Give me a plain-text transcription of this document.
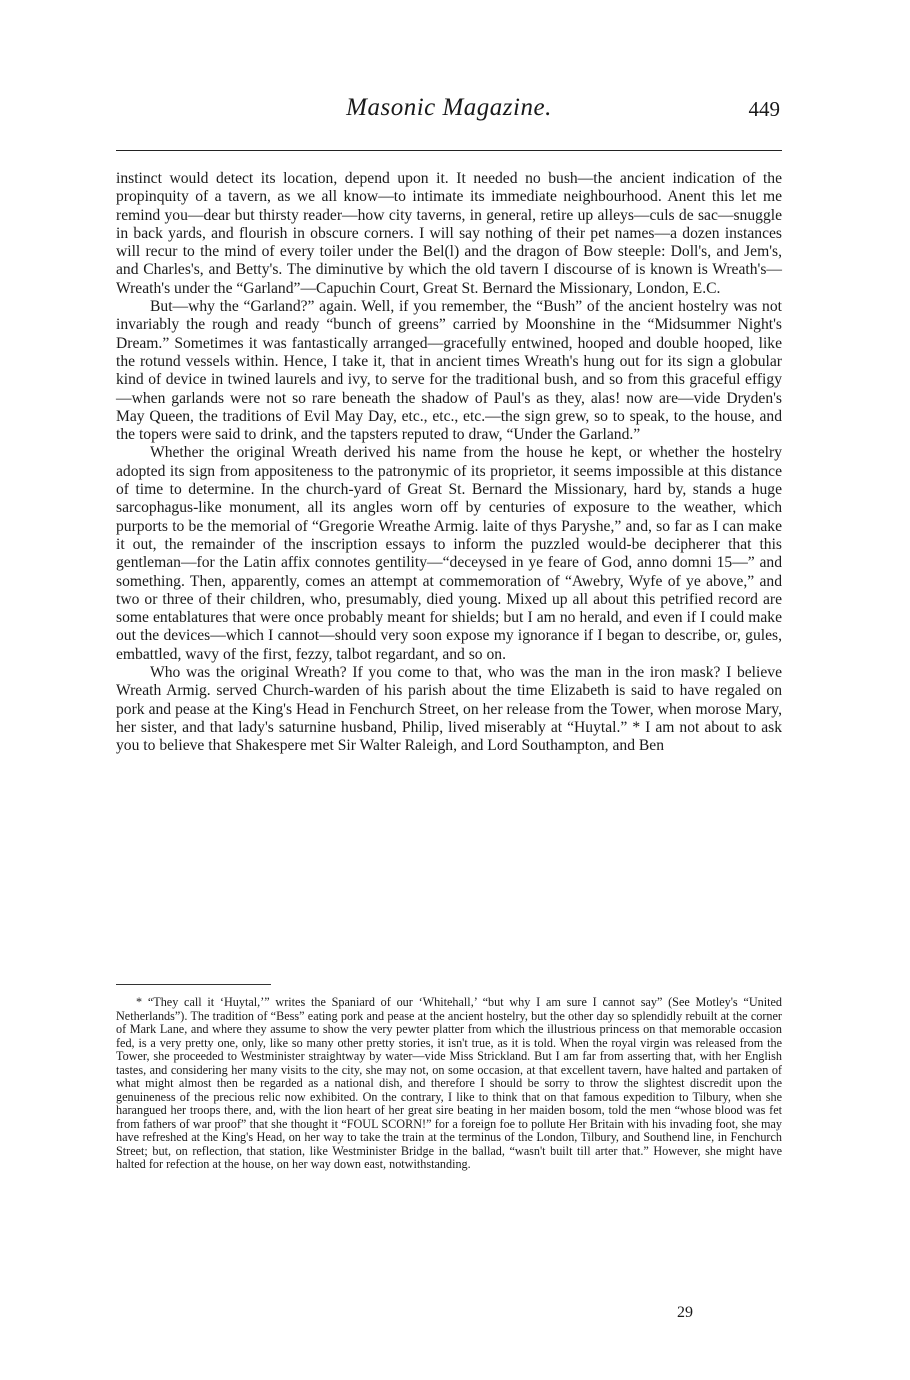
Masonic Magazine.	449

instinct would detect its location, depend upon it. It needed no bush—the ancient indication of the propinquity of a tavern, as we all know—to intimate its immediate neighbourhood. Anent this let me remind you—dear but thirsty reader—how city taverns, in general, retire up alleys—culs de sac—snuggle in back yards, and flourish in obscure corners. I will say nothing of their pet names—a dozen instances will recur to the mind of every toiler under the Bel(l) and the dragon of Bow steeple: Doll's, and Jem's, and Charles's, and Betty's. The diminutive by which the old tavern I discourse of is known is Wreath's—Wreath's under the “Garland”—Capuchin Court, Great St. Bernard the Missionary, London, E.C.

But—why the “Garland?” again. Well, if you remember, the “Bush” of the ancient hostelry was not invariably the rough and ready “bunch of greens” carried by Moonshine in the “Midsummer Night's Dream.” Sometimes it was fantastically arranged—gracefully entwined, hooped and double hooped, like the rotund vessels within. Hence, I take it, that in ancient times Wreath's hung out for its sign a globular kind of device in twined laurels and ivy, to serve for the traditional bush, and so from this graceful effigy—when garlands were not so rare beneath the shadow of Paul's as they, alas! now are—vide Dryden's May Queen, the traditions of Evil May Day, etc., etc., etc.—the sign grew, so to speak, to the house, and the topers were said to drink, and the tapsters reputed to draw, “Under the Garland.”

Whether the original Wreath derived his name from the house he kept, or whether the hostelry adopted its sign from appositeness to the patronymic of its proprietor, it seems impossible at this distance of time to determine. In the church-yard of Great St. Bernard the Missionary, hard by, stands a huge sarcophagus-like monument, all its angles worn off by centuries of exposure to the weather, which purports to be the memorial of “Gregorie Wreathe Armig. laite of thys Paryshe,” and, so far as I can make it out, the remainder of the inscription essays to inform the puzzled would-be decipherer that this gentleman—for the Latin affix connotes gentility—“deceysed in ye feare of God, anno domni 15—” and something. Then, apparently, comes an attempt at commemoration of “Awebry, Wyfe of ye above,” and two or three of their children, who, presumably, died young. Mixed up all about this petrified record are some entablatures that were once probably meant for shields; but I am no herald, and even if I could make out the devices—which I cannot—should very soon expose my ignorance if I began to describe, or, gules, embattled, wavy of the first, fezzy, talbot regardant, and so on.

Who was the original Wreath? If you come to that, who was the man in the iron mask? I believe Wreath Armig. served Church-warden of his parish about the time Elizabeth is said to have regaled on pork and pease at the King's Head in Fenchurch Street, on her release from the Tower, when morose Mary, her sister, and that lady's saturnine husband, Philip, lived miserably at “Huytal.” * I am not about to ask you to believe that Shakespere met Sir Walter Raleigh, and Lord Southampton, and Ben

* “They call it ‘Huytal,’” writes the Spaniard of our ‘Whitehall,’ “but why I am sure I cannot say” (See Motley's “United Netherlands”). The tradition of “Bess” eating pork and pease at the ancient hostelry, but the other day so splendidly rebuilt at the corner of Mark Lane, and where they assume to show the very pewter platter from which the illustrious princess on that memorable occasion fed, is a very pretty one, only, like so many other pretty stories, it isn't true, as it is told. When the royal virgin was released from the Tower, she proceeded to Westminister straightway by water—vide Miss Strickland. But I am far from asserting that, with her English tastes, and considering her many visits to the city, she may not, on some occasion, at that excellent tavern, have halted and partaken of what might almost then be regarded as a national dish, and therefore I should be sorry to throw the slightest discredit upon the genuineness of the precious relic now exhibited. On the contrary, I like to think that on that famous expedition to Tilbury, when she harangued her troops there, and, with the lion heart of her great sire beating in her maiden bosom, told the men “whose blood was fet from fathers of war proof” that she thought it “FOUL SCORN!” for a foreign foe to pollute Her Britain with his invading foot, she may have refreshed at the King's Head, on her way to take the train at the terminus of the London, Tilbury, and Southend line, in Fenchurch Street; but, on reflection, that station, like Westminister Bridge in the ballad, “wasn't built till arter that.” However, she might have halted for refection at the house, on her way down east, notwithstanding.

29
